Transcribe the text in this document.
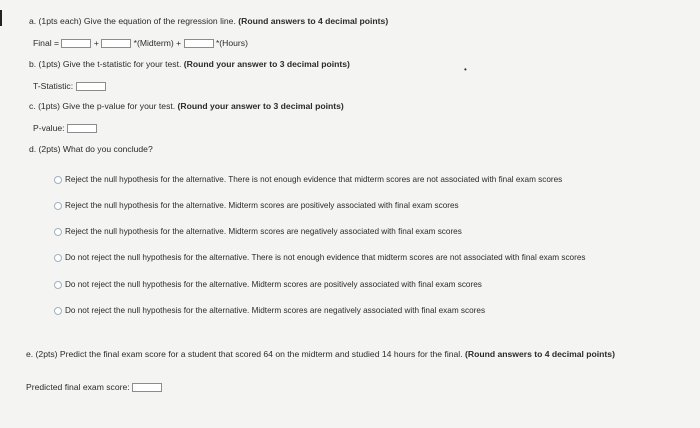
a. (1pts each) Give the equation of the regression line. (Round answers to 4 decimal points)
Final =	+	*(Midterm) +	*(Hours)
b. (1pts) Give the t-statistic for your test. (Round your answer to 3 decimal points)
•
T-Statistic:
c. (1pts) Give the p-value for your test. (Round your answer to 3 decimal points)
P-value:
d. (2pts) What do you conclude?
Reject the null hypothesis for the alternative. There is not enough evidence that midterm scores are not associated with final exam scores
Reject the null hypothesis for the alternative. Midterm scores are positively associated with final exam scores
Reject the null hypothesis for the alternative. Midterm scores are negatively associated with final exam scores
Do not reject the null hypothesis for the alternative. There is not enough evidence that midterm scores are not associated with final exam scores
Do not reject the null hypothesis for the alternative. Midterm scores are positively associated with final exam scores
Do not reject the null hypothesis for the alternative. Midterm scores are negatively associated with final exam scores
e. (2pts) Predict the final exam score for a student that scored 64 on the midterm and studied 14 hours for the final. (Round answers to 4 decimal points)
Predicted final exam score:
